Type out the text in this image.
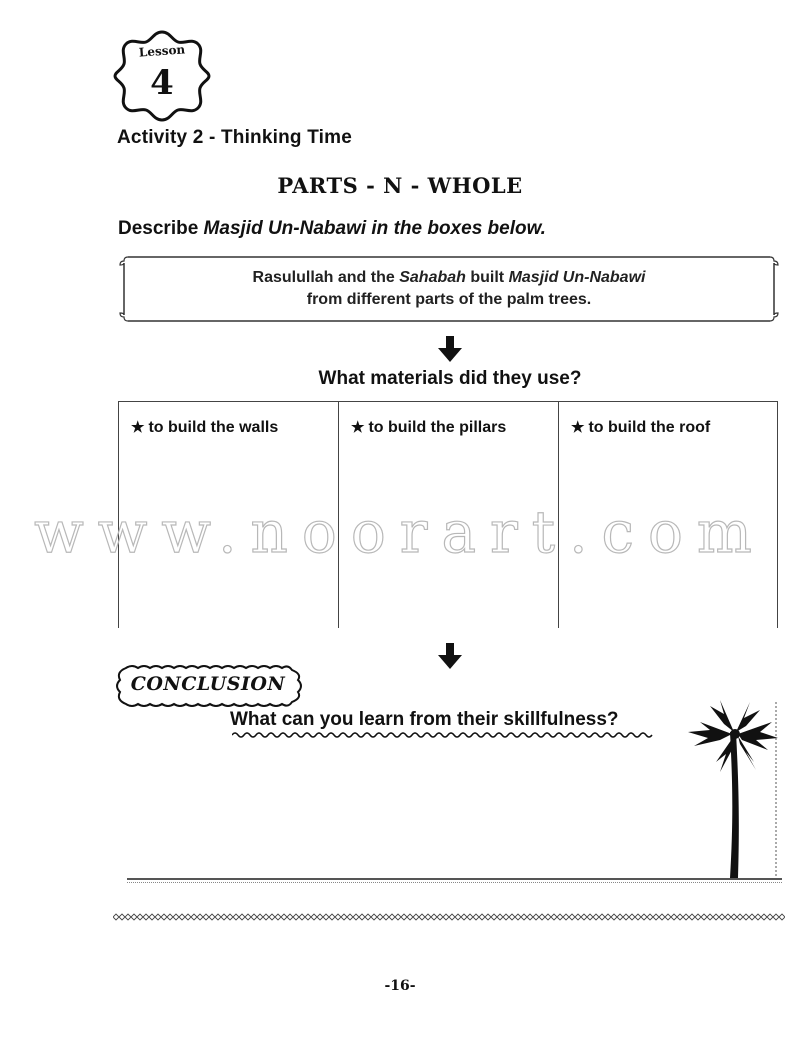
Lesson
4
Activity 2 - Thinking Time
PARTS - N - WHOLE
Describe Masjid Un-Nabawi in the boxes below.
Rasulullah and the Sahabah built Masjid Un-Nabawi
from different parts of the palm trees.
What materials did they use?
★ to build the walls	★ to build the pillars	★ to build the roof
www.noorart.com
CONCLUSION
What can you learn from their skillfulness?
-16-
